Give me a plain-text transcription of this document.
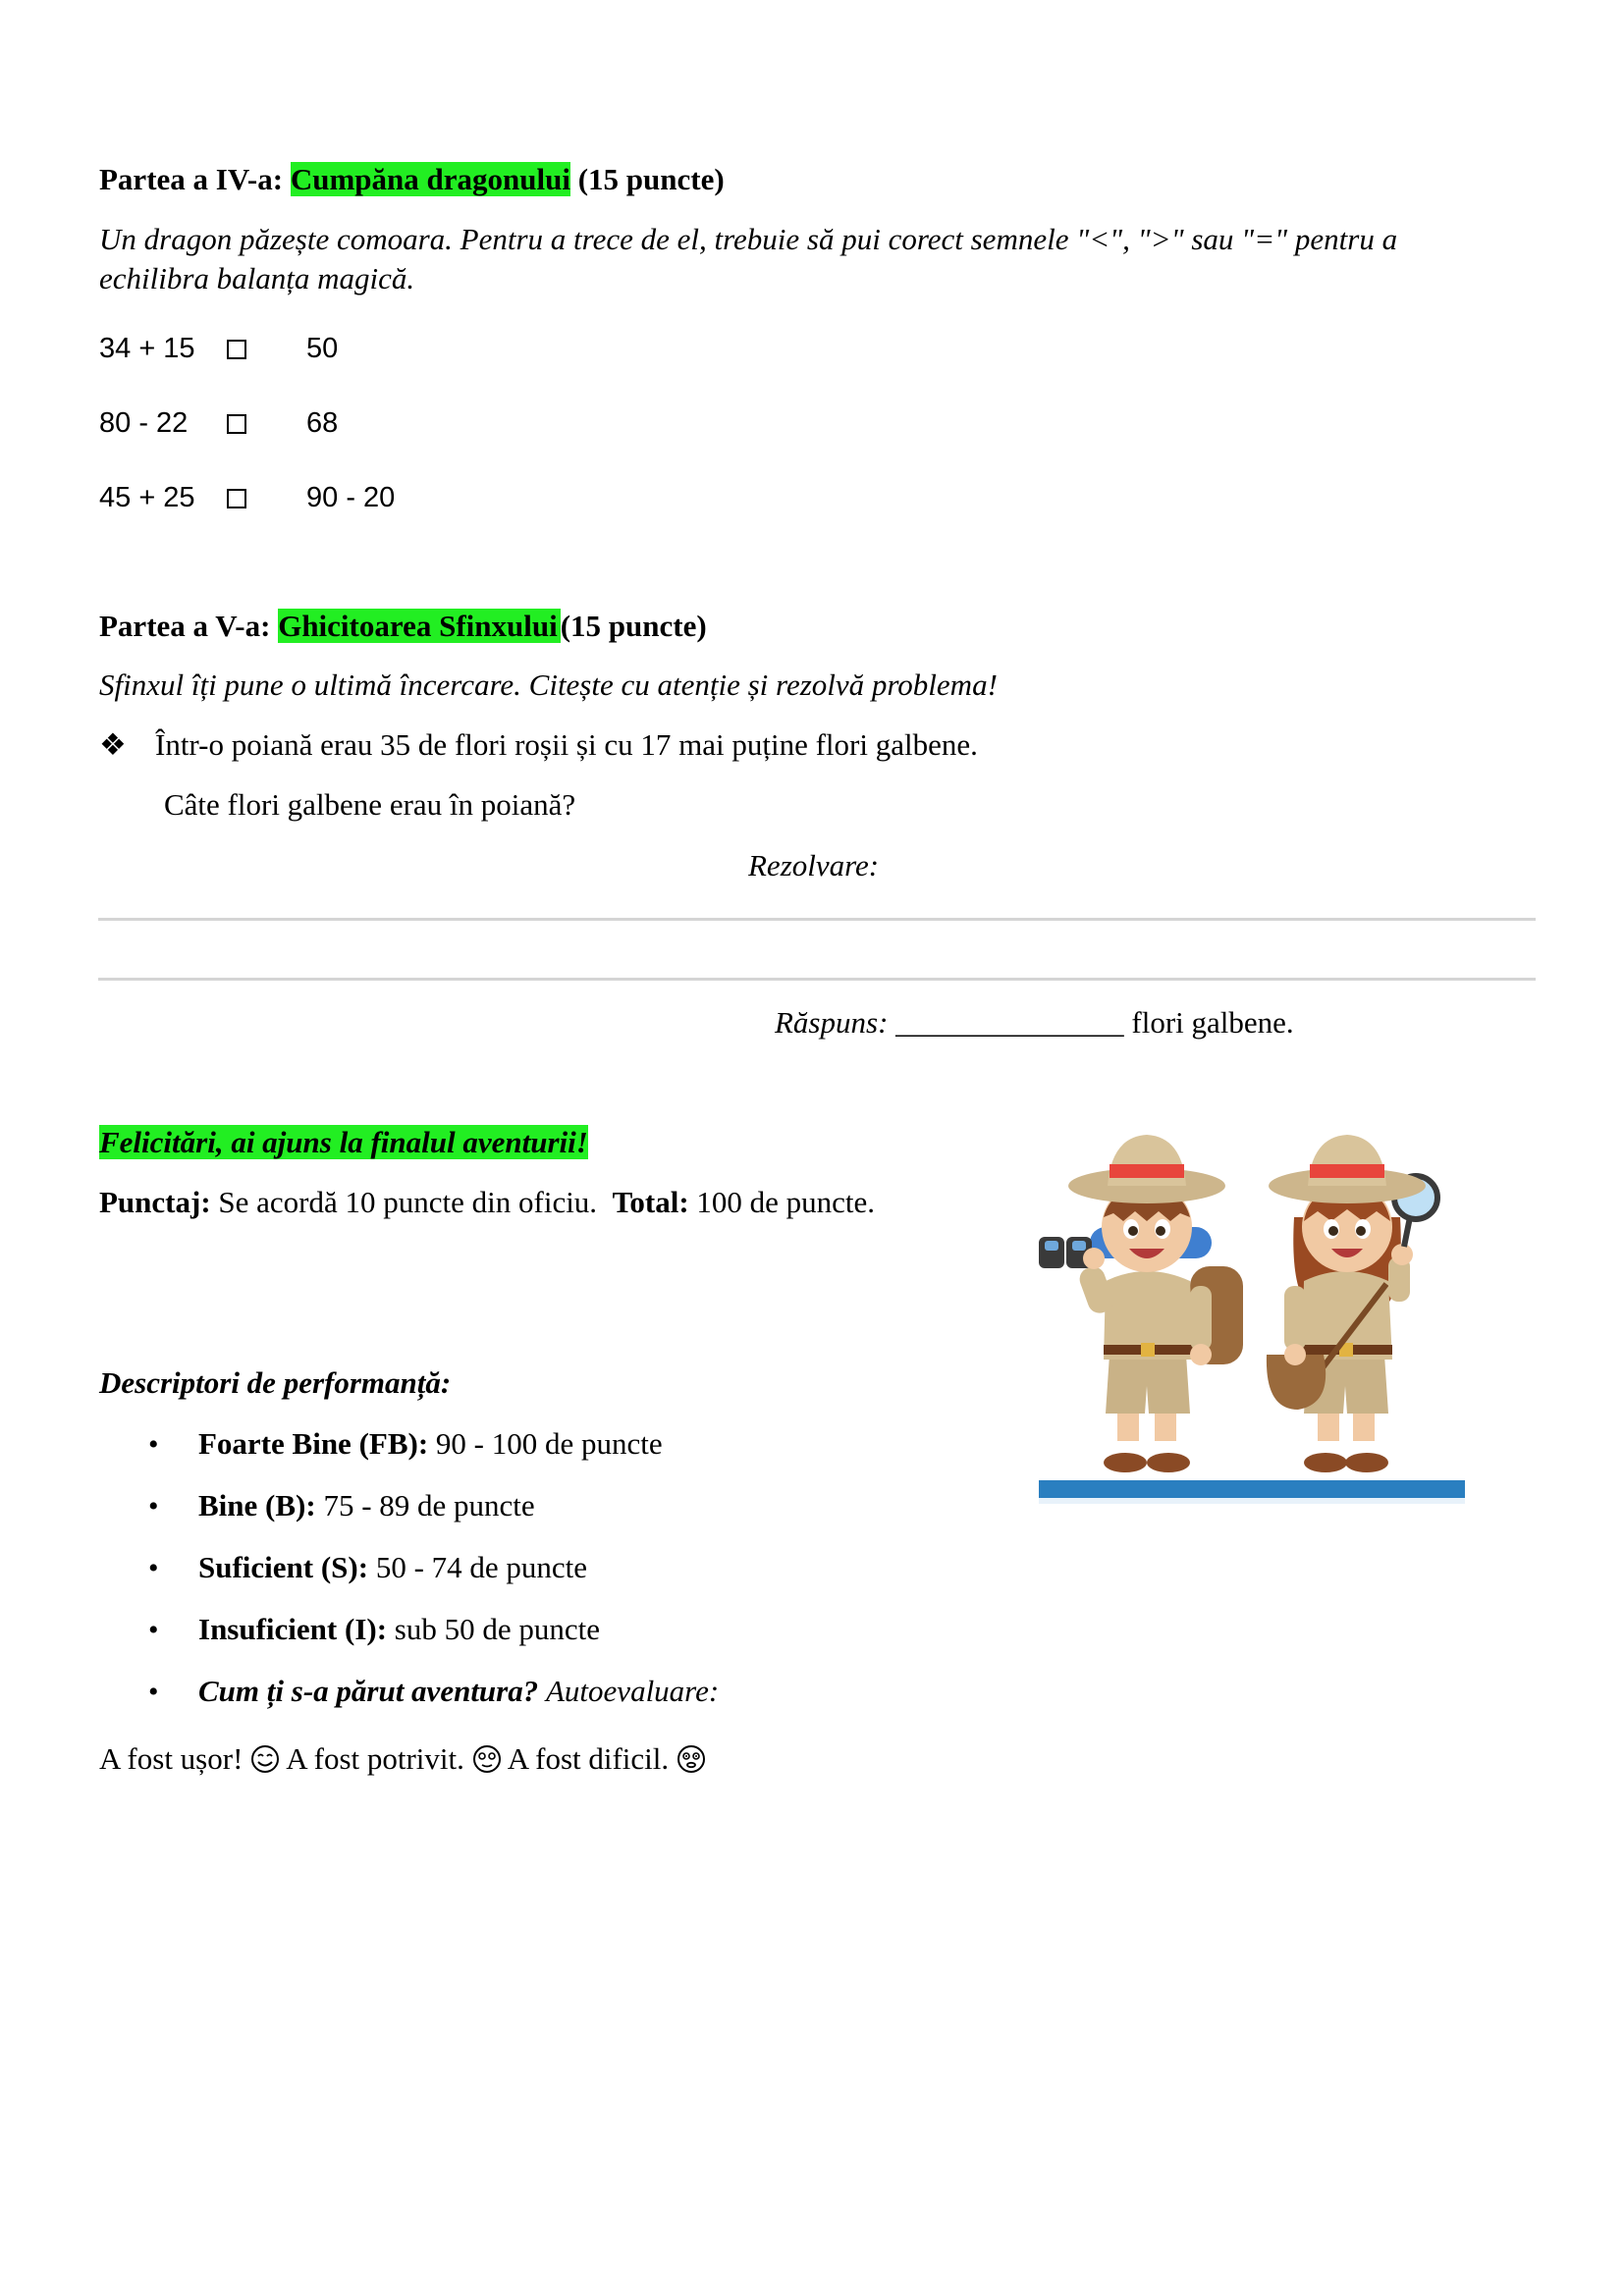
Partea a IV-a: Cumpăna dragonului (15 puncte)
Un dragon păzește comoara. Pentru a trece de el, trebuie să pui corect semnele "<", ">" sau "=" pentru a
echilibra balanța magică.
34 + 15	50
80 - 22	68
45 + 25	90 - 20
Partea a V-a: Ghicitoarea Sfinxului(15 puncte)
Sfinxul îți pune o ultimă încercare. Citește cu atenție și rezolvă problema!
❖ Într-o poiană erau 35 de flori roșii și cu 17 mai puține flori galbene.
Câte flori galbene erau în poiană?
Rezolvare:
Răspuns: _______________ flori galbene.
Felicitări, ai ajuns la finalul aventurii!
Punctaj: Se acordă 10 puncte din oficiu. Total: 100 de puncte.
Descriptori de performanță:
• Foarte Bine (FB): 90 - 100 de puncte
• Bine (B): 75 - 89 de puncte
• Suficient (S): 50 - 74 de puncte
• Insuficient (I): sub 50 de puncte
• Cum ți s-a părut aventura? Autoevaluare:
A fost ușor! A fost potrivit. A fost dificil.
